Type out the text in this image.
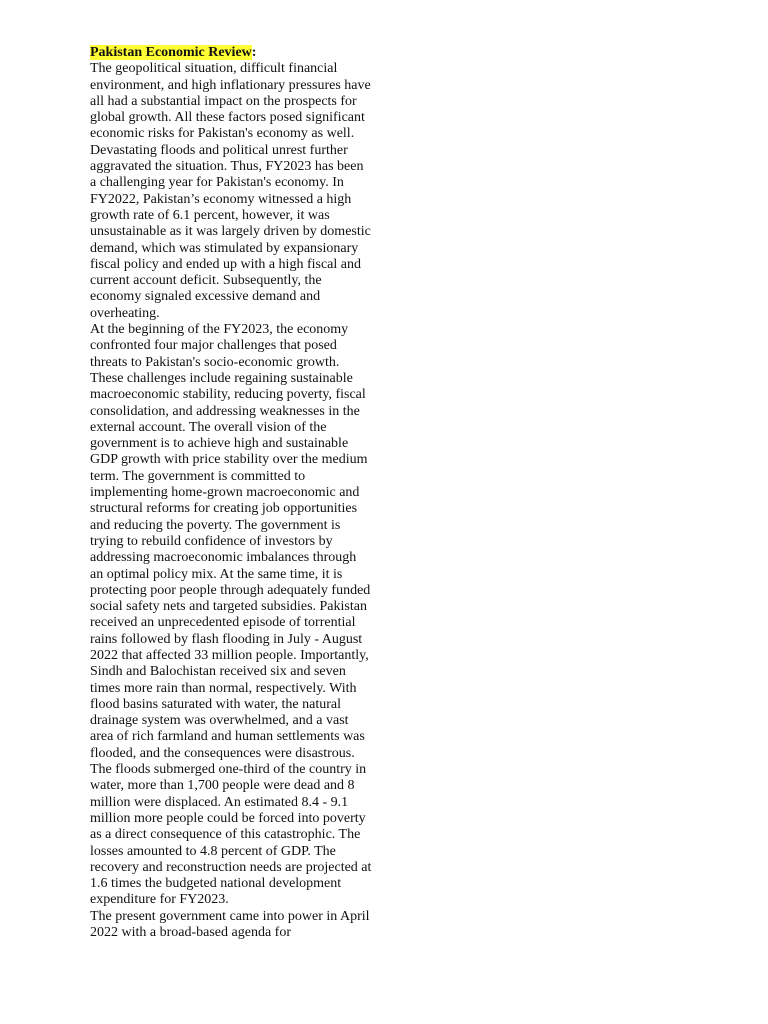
Pakistan Economic Review:

The geopolitical situation, difficult financial environment, and high inflationary pressures have all had a substantial impact on the prospects for global growth. All these factors posed significant economic risks for Pakistan's economy as well. Devastating floods and political unrest further aggravated the situation. Thus, FY2023 has been a challenging year for Pakistan's economy. In FY2022, Pakistan’s economy witnessed a high growth rate of 6.1 percent, however, it was unsustainable as it was largely driven by domestic demand, which was stimulated by expansionary fiscal policy and ended up with a high fiscal and current account deficit. Subsequently, the economy signaled excessive demand and overheating.

At the beginning of the FY2023, the economy confronted four major challenges that posed threats to Pakistan's socio-economic growth. These challenges include regaining sustainable macroeconomic stability, reducing poverty, fiscal consolidation, and addressing weaknesses in the external account. The overall vision of the government is to achieve high and sustainable GDP growth with price stability over the medium term. The government is committed to implementing home-grown macroeconomic and structural reforms for creating job opportunities and reducing the poverty. The government is trying to rebuild confidence of investors by addressing macroeconomic imbalances through an optimal policy mix. At the same time, it is protecting poor people through adequately funded social safety nets and targeted subsidies. Pakistan received an unprecedented episode of torrential rains followed by flash flooding in July - August 2022 that affected 33 million people. Importantly, Sindh and Balochistan received six and seven times more rain than normal, respectively. With flood basins saturated with water, the natural drainage system was overwhelmed, and a vast area of rich farmland and human settlements was flooded, and the consequences were disastrous. The floods submerged one-third of the country in water, more than 1,700 people were dead and 8 million were displaced. An estimated 8.4 - 9.1 million more people could be forced into poverty as a direct consequence of this catastrophic. The losses amounted to 4.8 percent of GDP. The recovery and reconstruction needs are projected at 1.6 times the budgeted national development expenditure for FY2023.

The present government came into power in April 2022 with a broad-based agenda for
